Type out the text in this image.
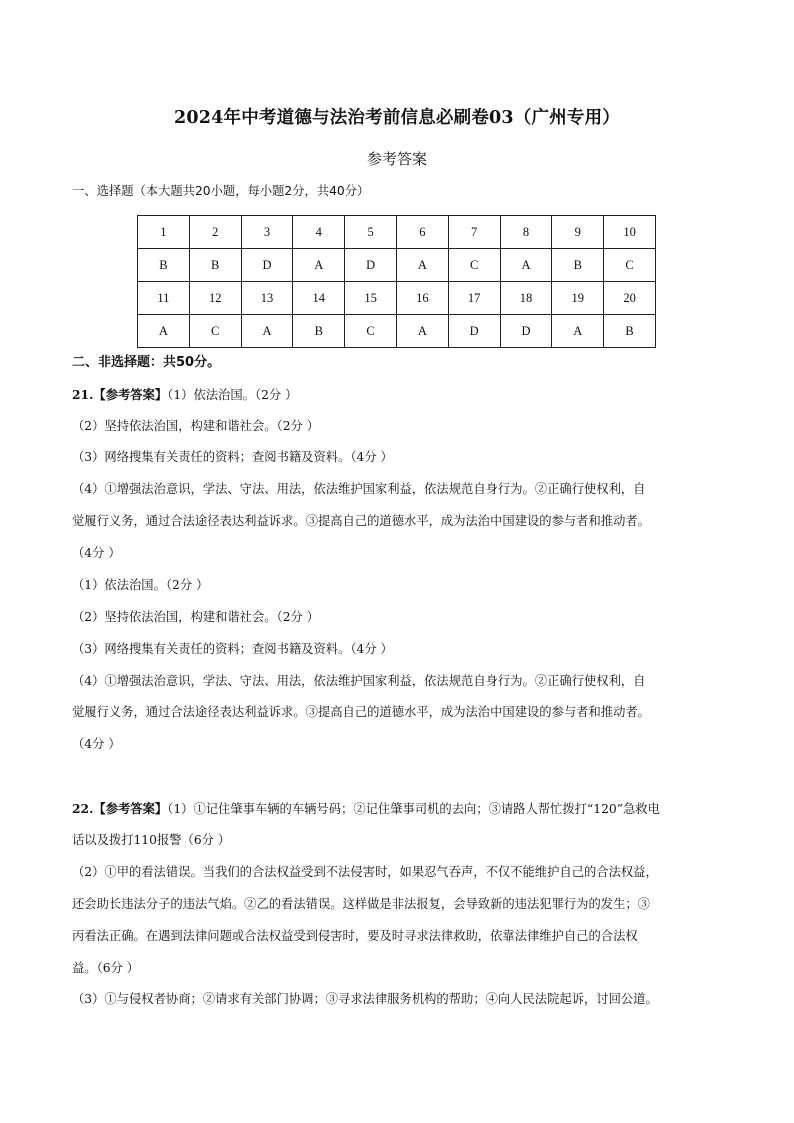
2024年中考道德与法治考前信息必刷卷03（广州专用）
参考答案
一、选择题（本大题共20小题，每小题2分，共40分）
1	2	3	4	5	6	7	8	9	10
B	B	D	A	D	A	C	A	B	C
11	12	13	14	15	16	17	18	19	20
A	C	A	B	C	A	D	D	A	B
二、非选择题：共50分。
21.【参考答案】（1）依法治国。（2分 ）
（2）坚持依法治国，构建和谐社会。（2分 ）
（3）网络搜集有关责任的资料；查阅书籍及资料。（4分 ）
（4）①增强法治意识，学法、守法、用法，依法维护国家利益，依法规范自身行为。②正确行使权利，自
觉履行义务，通过合法途径表达利益诉求。③提高自己的道德水平，成为法治中国建设的参与者和推动者。
（4分 ）
（1）依法治国。（2分 ）
（2）坚持依法治国，构建和谐社会。（2分 ）
（3）网络搜集有关责任的资料；查阅书籍及资料。（4分 ）
（4）①增强法治意识，学法、守法、用法，依法维护国家利益，依法规范自身行为。②正确行使权利，自
觉履行义务，通过合法途径表达利益诉求。③提高自己的道德水平，成为法治中国建设的参与者和推动者。
（4分 ）
22.【参考答案】（1）①记住肇事车辆的车辆号码；②记住肇事司机的去向；③请路人帮忙拨打“120”急救电
话以及拨打110报警（6分 ）
（2）①甲的看法错误。当我们的合法权益受到不法侵害时，如果忍气吞声，不仅不能维护自己的合法权益，
还会助长违法分子的违法气焰。②乙的看法错误。这样做是非法报复，会导致新的违法犯罪行为的发生；③
丙看法正确。在遇到法律问题或合法权益受到侵害时，要及时寻求法律救助，依靠法律维护自己的合法权
益。（6分 ）
（3）①与侵权者协商；②请求有关部门协调；③寻求法律服务机构的帮助；④向人民法院起诉，讨回公道。
